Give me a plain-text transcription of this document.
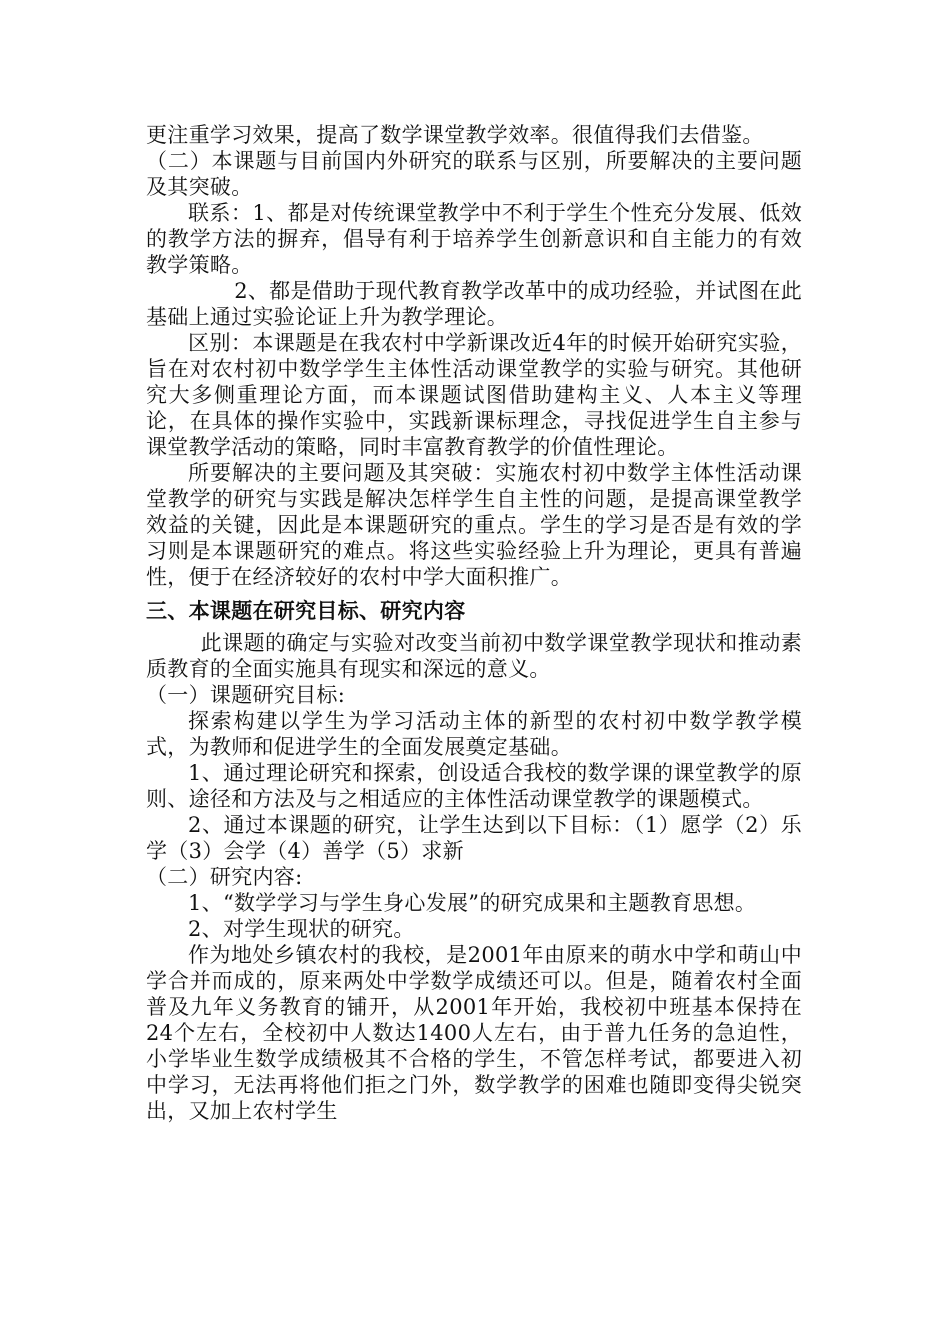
更注重学习效果，提高了数学课堂教学效率。很值得我们去借鉴。

（二）本课题与目前国内外研究的联系与区别，所要解决的主要问题及其突破。

联系：1、都是对传统课堂教学中不利于学生个性充分发展、低效的教学方法的摒弃，倡导有利于培养学生创新意识和自主能力的有效教学策略。

2、都是借助于现代教育教学改革中的成功经验，并试图在此基础上通过实验论证上升为教学理论。

区别：本课题是在我农村中学新课改近4年的时候开始研究实验，旨在对农村初中数学学生主体性活动课堂教学的实验与研究。其他研究大多侧重理论方面，而本课题试图借助建构主义、人本主义等理论，在具体的操作实验中，实践新课标理念，寻找促进学生自主参与课堂教学活动的策略，同时丰富教育教学的价值性理论。

所要解决的主要问题及其突破：实施农村初中数学主体性活动课堂教学的研究与实践是解决怎样学生自主性的问题，是提高课堂教学效益的关键，因此是本课题研究的重点。学生的学习是否是有效的学习则是本课题研究的难点。将这些实验经验上升为理论，更具有普遍性，便于在经济较好的农村中学大面积推广。

三、本课题在研究目标、研究内容

此课题的确定与实验对改变当前初中数学课堂教学现状和推动素质教育的全面实施具有现实和深远的意义。

（一）课题研究目标:

探索构建以学生为学习活动主体的新型的农村初中数学教学模式，为教师和促进学生的全面发展奠定基础。

1、通过理论研究和探索，创设适合我校的数学课的课堂教学的原则、途径和方法及与之相适应的主体性活动课堂教学的课题模式。

2、通过本课题的研究，让学生达到以下目标：（1）愿学（2）乐学（3）会学（4）善学（5）求新

（二）研究内容:

1、“数学学习与学生身心发展”的研究成果和主题教育思想。

2、对学生现状的研究。

作为地处乡镇农村的我校，是2001年由原来的萌水中学和萌山中学合并而成的，原来两处中学数学成绩还可以。但是，随着农村全面普及九年义务教育的铺开，从2001年开始，我校初中班基本保持在24个左右，全校初中人数达1400人左右，由于普九任务的急迫性，小学毕业生数学成绩极其不合格的学生，不管怎样考试，都要进入初中学习，无法再将他们拒之门外，数学教学的困难也随即变得尖锐突出，又加上农村学生
